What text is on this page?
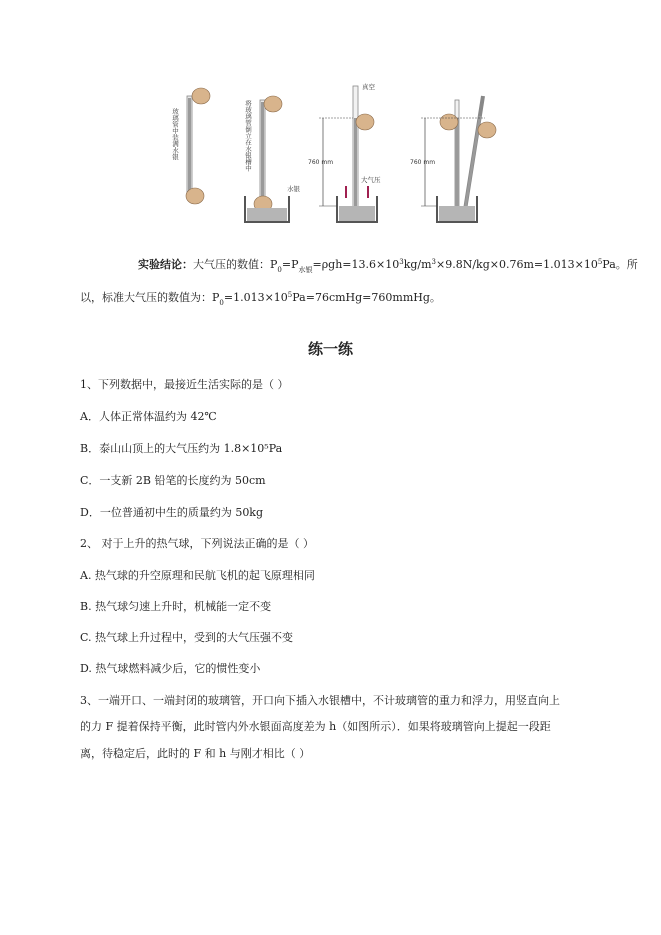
玻璃管中装满水银	将玻璃管倒立在水银槽中
水银
真空
大气压
760 mm	760 mm
实验结论：大气压的数值：$P_0=P_{水银}=\rho gh=13.6\times 10^3kg/m^3\times 9.8N/kg\times 0.76m=1.013\times 10^5Pa$。所
以，标准大气压的数值为：$P_0=1.013\times 10^5Pa=76cmHg=760mmHg$。
练一练
1、下列数据中，最接近生活实际的是（ ）
A．人体正常体温约为 42℃
B．泰山山顶上的大气压约为 1.8×10⁵Pa
C．一支新 2B 铅笔的长度约为 50cm
D．一位普通初中生的质量约为 50kg
2、 对于上升的热气球，下列说法正确的是（ ）
A. 热气球的升空原理和民航飞机的起飞原理相同
B. 热气球匀速上升时，机械能一定不变
C. 热气球上升过程中，受到的大气压强不变
D. 热气球燃料减少后，它的惯性变小
3、一端开口、一端封闭的玻璃管，开口向下插入水银槽中，不计玻璃管的重力和浮力，用竖直向上
的力 F 提着保持平衡，此时管内外水银面高度差为 h（如图所示）．如果将玻璃管向上提起一段距
离，待稳定后，此时的 F 和 h 与刚才相比（ ）
